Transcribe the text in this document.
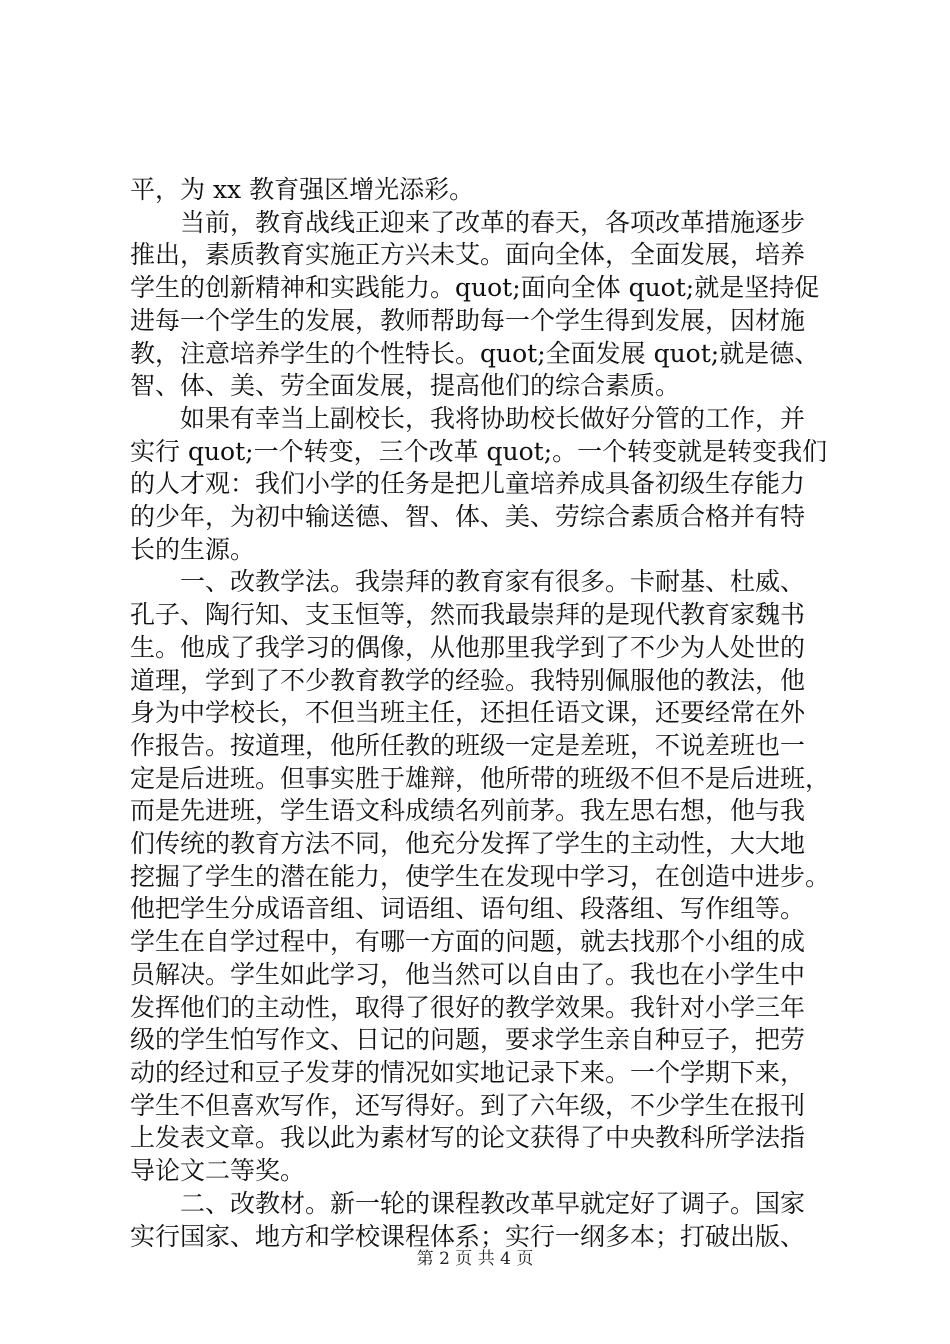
平，为 xx 教育强区增光添彩。
　　当前，教育战线正迎来了改革的春天，各项改革措施逐步
推出，素质教育实施正方兴未艾。面向全体，全面发展，培养
学生的创新精神和实践能力。quot;面向全体 quot;就是坚持促
进每一个学生的发展，教师帮助每一个学生得到发展，因材施
教，注意培养学生的个性特长。quot;全面发展 quot;就是德、
智、体、美、劳全面发展，提高他们的综合素质。
　　如果有幸当上副校长，我将协助校长做好分管的工作，并
实行 quot;一个转变，三个改革 quot;。一个转变就是转变我们
的人才观：我们小学的任务是把儿童培养成具备初级生存能力
的少年，为初中输送德、智、体、美、劳综合素质合格并有特
长的生源。
　　一、改教学法。我崇拜的教育家有很多。卡耐基、杜威、
孔子、陶行知、支玉恒等，然而我最崇拜的是现代教育家魏书
生。他成了我学习的偶像，从他那里我学到了不少为人处世的
道理，学到了不少教育教学的经验。我特别佩服他的教法，他
身为中学校长，不但当班主任，还担任语文课，还要经常在外
作报告。按道理，他所任教的班级一定是差班，不说差班也一
定是后进班。但事实胜于雄辩，他所带的班级不但不是后进班，
而是先进班，学生语文科成绩名列前茅。我左思右想，他与我
们传统的教育方法不同，他充分发挥了学生的主动性，大大地
挖掘了学生的潜在能力，使学生在发现中学习，在创造中进步。
他把学生分成语音组、词语组、语句组、段落组、写作组等。
学生在自学过程中，有哪一方面的问题，就去找那个小组的成
员解决。学生如此学习，他当然可以自由了。我也在小学生中
发挥他们的主动性，取得了很好的教学效果。我针对小学三年
级的学生怕写作文、日记的问题，要求学生亲自种豆子，把劳
动的经过和豆子发芽的情况如实地记录下来。一个学期下来，
学生不但喜欢写作，还写得好。到了六年级，不少学生在报刊
上发表文章。我以此为素材写的论文获得了中央教科所学法指
导论文二等奖。
　　二、改教材。新一轮的课程教改革早就定好了调子。国家
实行国家、地方和学校课程体系；实行一纲多本；打破出版、
第 2 页 共 4 页
